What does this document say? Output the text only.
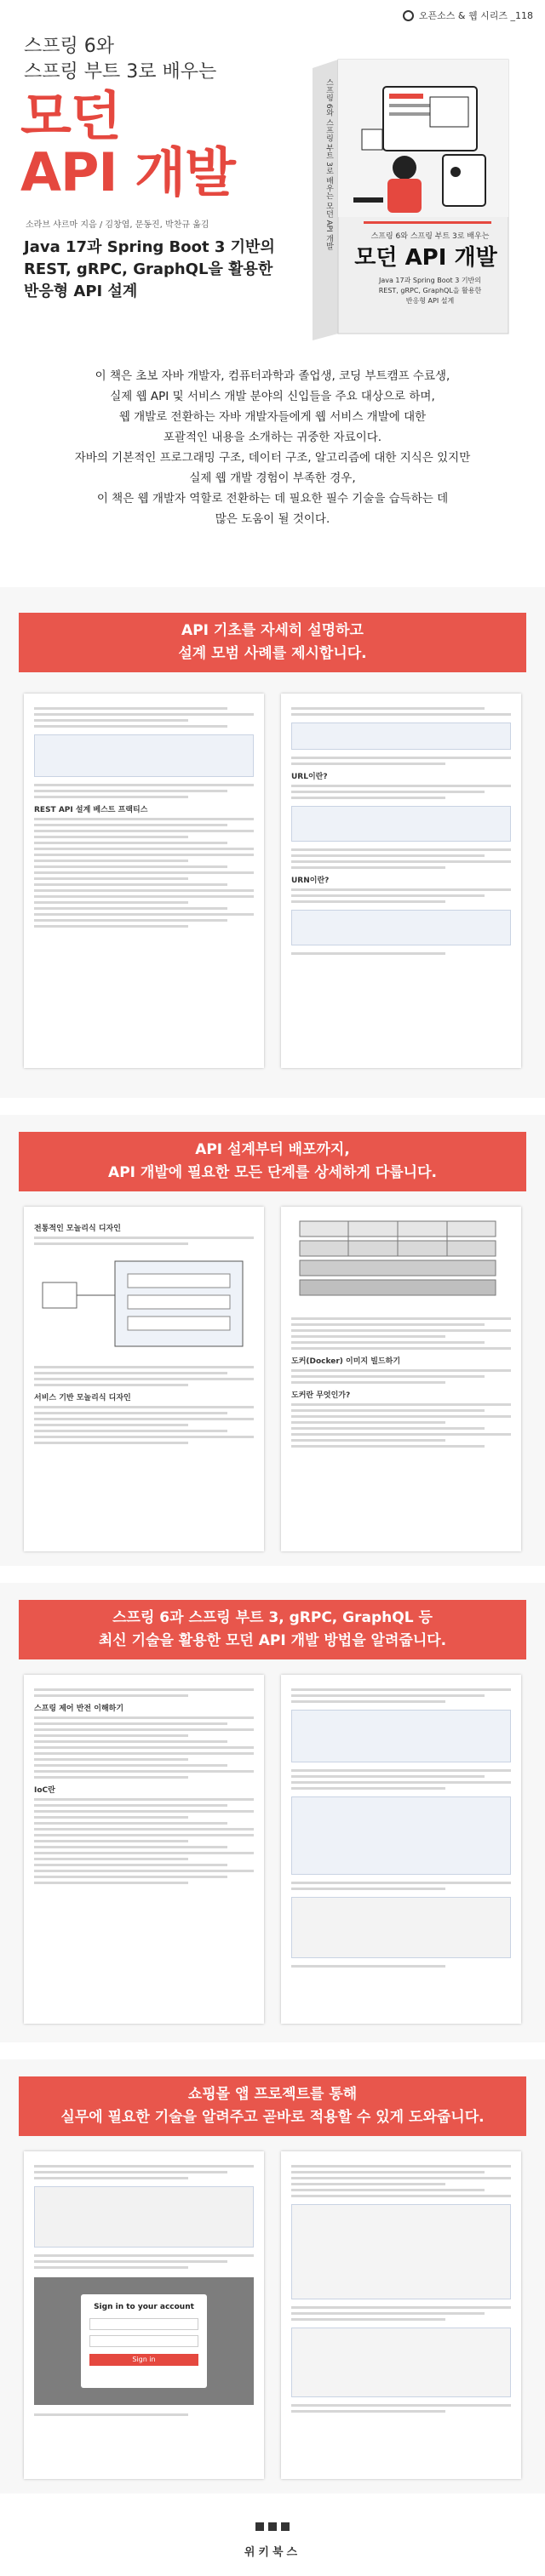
오픈소스 & 웹 시리즈 _118
스프링 6와
스프링 부트 3로 배우는
모던
API 개발
소라브 샤르마 지음 / 김창엽, 문동진, 박찬규 옮김
Java 17과 Spring Boot 3 기반의
REST, gRPC, GraphQL을 활용한
반응형 API 설계
스프링 6와 스프링 부트 3로 배우는 모던 API 개발	스프링 6와 스프링 부트 3로 배우는
모던 API 개발
Java 17과 Spring Boot 3 기반의
REST, gRPC, GraphQL을 활용한
반응형 API 설계

이 책은 초보 자바 개발자, 컴퓨터과학과 졸업생, 코딩 부트캠프 수료생,

실제 웹 API 및 서비스 개발 분야의 신입들을 주요 대상으로 하며,

웹 개발로 전환하는 자바 개발자들에게 웹 서비스 개발에 대한

포괄적인 내용을 소개하는 귀중한 자료이다.

자바의 기본적인 프로그래밍 구조, 데이터 구조, 알고리즘에 대한 지식은 있지만

실제 웹 개발 경험이 부족한 경우,

이 책은 웹 개발자 역할로 전환하는 데 필요한 필수 기술을 습득하는 데

많은 도움이 될 것이다.

API 기초를 자세히 설명하고
설계 모범 사례를 제시합니다.
REST API 설계 베스트 프랙티스
URL이란?
URN이란?
API 설계부터 배포까지,
API 개발에 필요한 모든 단계를 상세하게 다룹니다.
전통적인 모놀리식 디자인
서비스 기반 모놀리식 디자인
도커(Docker) 이미지 빌드하기
도커란 무엇인가?
스프링 6과 스프링 부트 3, gRPC, GraphQL 등
최신 기술을 활용한 모던 API 개발 방법을 알려줍니다.
스프링 제어 반전 이해하기
IoC란
쇼핑몰 앱 프로젝트를 통해
실무에 필요한 기술을 알려주고 곧바로 적용할 수 있게 도와줍니다.
Sign in to your account
Sign in
위키북스
